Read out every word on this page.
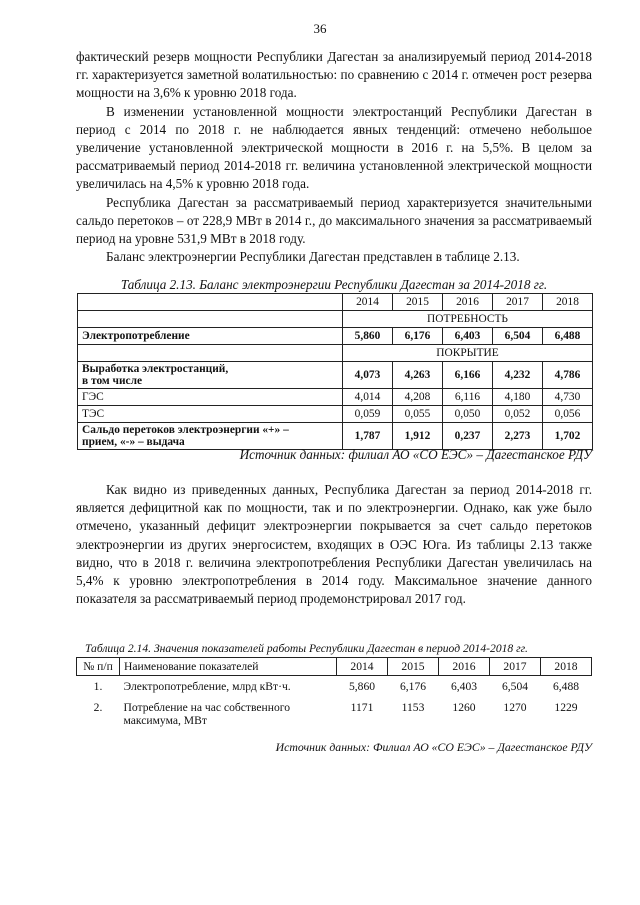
36

фактический резерв мощности Республики Дагестан за анализируемый период 2014-2018 гг. характеризуется заметной волатильностью: по сравнению с 2014 г. отмечен рост резерва мощности на 3,6% к уровню 2018 года.

В изменении установленной мощности электростанций Республики Дагестан в период с 2014 по 2018 г. не наблюдается явных тенденций: отмечено небольшое увеличение установленной электрической мощности в 2016 г. на 5,5%. В целом за рассматриваемый период 2014-2018 гг. величина установленной электрической мощности увеличилась на 4,5% к уровню 2018 года.

Республика Дагестан за рассматриваемый период характеризуется значительными сальдо перетоков – от 228,9 МВт в 2014 г., до максимального значения за рассматриваемый период на уровне 531,9 МВт в 2018 году.

Баланс электроэнергии Республики Дагестан представлен в таблице 2.13.

Таблица 2.13. Баланс электроэнергии Республики Дагестан за 2014-2018 гг.
	2014	2015	2016	2017	2018
	ПОТРЕБНОСТЬ				
Электропотребление	5,860	6,176	6,403	6,504	6,488
	ПОКРЫТИЕ				
Выработка электростанций,
в том числе	4,073	4,263	6,166	4,232	4,786
ГЭС	4,014	4,208	6,116	4,180	4,730
ТЭС	0,059	0,055	0,050	0,052	0,056
Сальдо перетоков электроэнергии «+» –
прием, «-» – выдача	1,787	1,912	0,237	2,273	1,702
Источник данных: филиал АО «СО ЕЭС» – Дагестанское РДУ

Как видно из приведенных данных, Республика Дагестан за период 2014-2018 гг. является дефицитной как по мощности, так и по электроэнергии. Однако, как уже было отмечено, указанный дефицит электроэнергии покрывается за счет сальдо перетоков электроэнергии из других энергосистем, входящих в ОЭС Юга. Из таблицы 2.13 также видно, что в 2018 г. величина электропотребления Республики Дагестан увеличилась на 5,4% к уровню электропотребления в 2014 году. Максимальное значение данного показателя за рассматриваемый период продемонстрировал 2017 год.

Таблица 2.14. Значения показателей работы Республики Дагестан в период 2014-2018 гг.
№ п/п	Наименование показателей	2014	2015	2016	2017	2018
1.	Электропотребление, млрд кВт·ч.	5,860	6,176	6,403	6,504	6,488
2.	Потребление на час собственного максимума, МВт	1171	1153	1260	1270	1229
Источник данных: Филиал АО «СО ЕЭС» – Дагестанское РДУ
